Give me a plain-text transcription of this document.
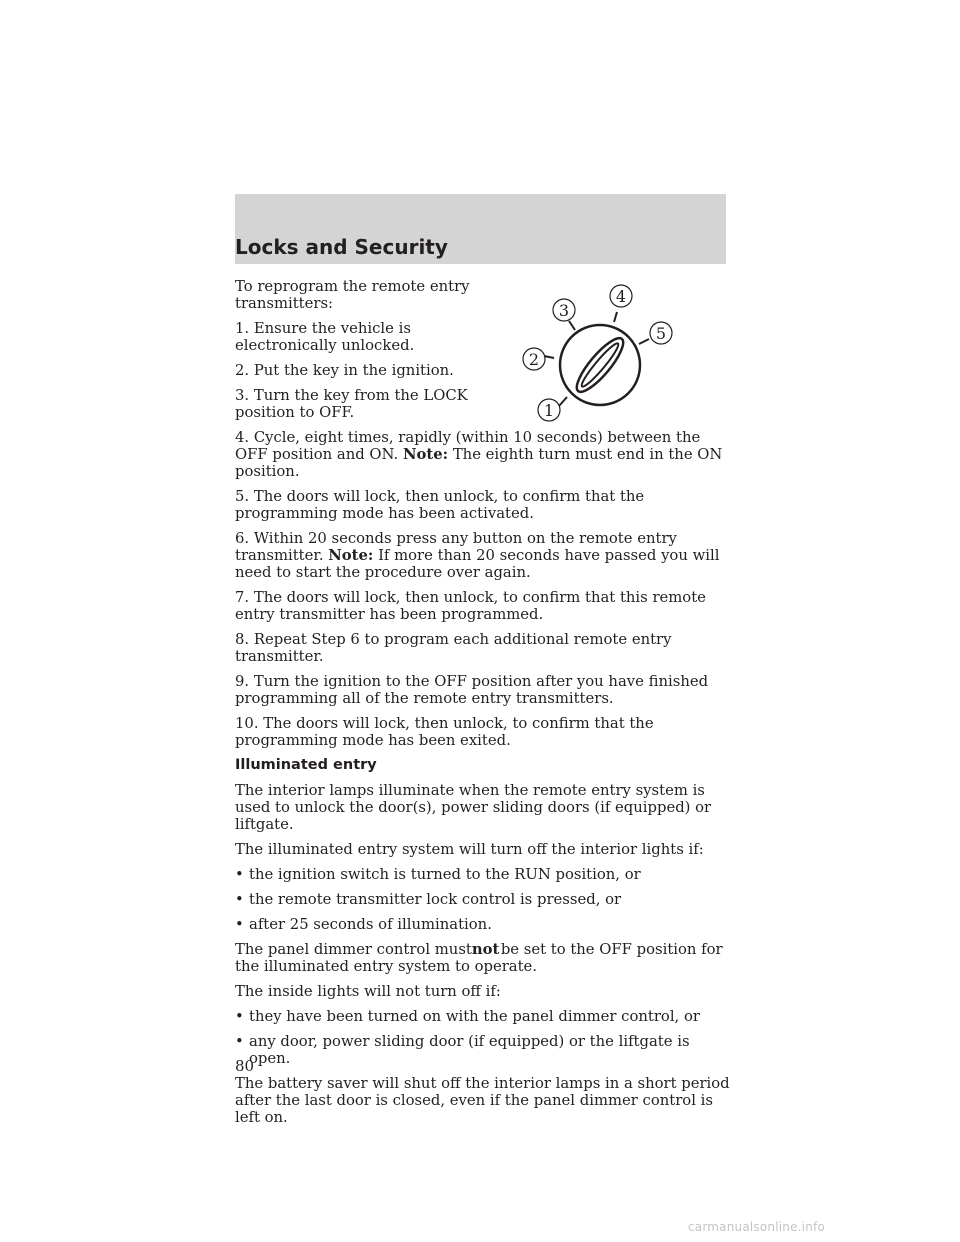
Locks and Security
1
2
3
4
5

To reprogram the remote entry transmitters:

1. Ensure the vehicle is electronically unlocked.

2. Put the key in the ignition.

3. Turn the key from the LOCK position to OFF.

4. Cycle, eight times, rapidly (within 10 seconds) between the OFF position and ON. Note: The eighth turn must end in the ON position.

5. The doors will lock, then unlock, to confirm that the programming mode has been activated.

6. Within 20 seconds press any button on the remote entry transmitter. Note: If more than 20 seconds have passed you will need to start the procedure over again.

7. The doors will lock, then unlock, to confirm that this remote entry transmitter has been programmed.

8. Repeat Step 6 to program each additional remote entry transmitter.

9. Turn the ignition to the OFF position after you have finished programming all of the remote entry transmitters.

10. The doors will lock, then unlock, to confirm that the programming mode has been exited.

Illuminated entry

The interior lamps illuminate when the remote entry system is used to unlock the door(s), power sliding doors (if equipped) or liftgate.

The illuminated entry system will turn off the interior lights if:

• the ignition switch is turned to the RUN position, or
• the remote transmitter lock control is pressed, or
• after 25 seconds of illumination.

The panel dimmer control mustnot be set to the OFF position for the illuminated entry system to operate.

The inside lights will not turn off if:

• they have been turned on with the panel dimmer control, or
• any door, power sliding door (if equipped) or the liftgate is open.

The battery saver will shut off the interior lamps in a short period after the last door is closed, even if the panel dimmer control is left on.

80
carmanualsonline.info
